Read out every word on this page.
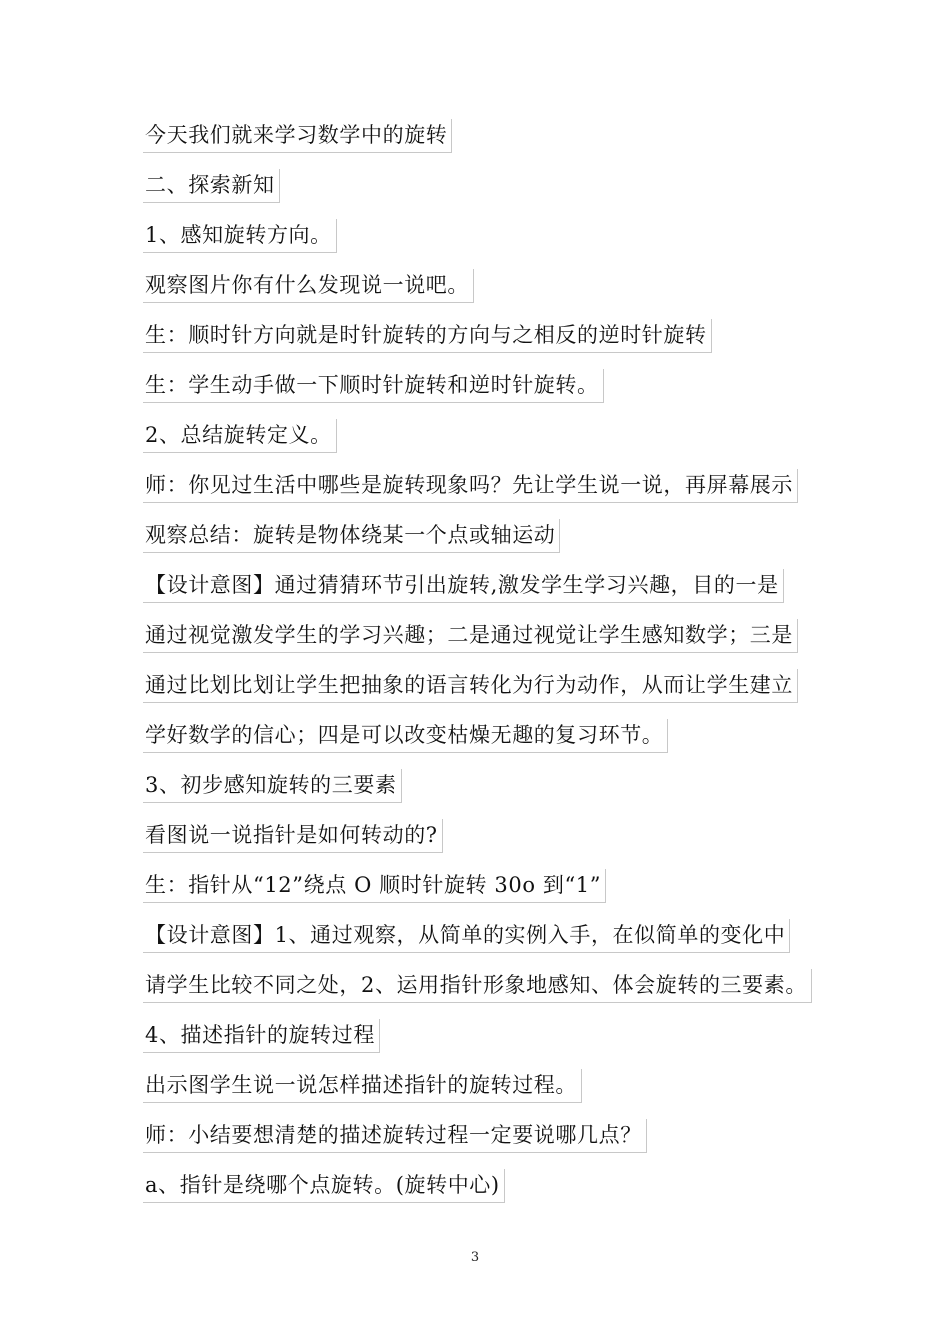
今天我们就来学习数学中的旋转
二、探索新知
1、感知旋转方向。
观察图片你有什么发现说一说吧。
生：顺时针方向就是时针旋转的方向与之相反的逆时针旋转
生：学生动手做一下顺时针旋转和逆时针旋转。
2、总结旋转定义。
师：你见过生活中哪些是旋转现象吗？先让学生说一说，再屏幕展示
观察总结：旋转是物体绕某一个点或轴运动
【设计意图】通过猜猜环节引出旋转,激发学生学习兴趣，目的一是
通过视觉激发学生的学习兴趣；二是通过视觉让学生感知数学；三是
通过比划比划让学生把抽象的语言转化为行为动作，从而让学生建立
学好数学的信心；四是可以改变枯燥无趣的复习环节。
3、初步感知旋转的三要素
看图说一说指针是如何转动的?
生：指针从“12”绕点 O 顺时针旋转 30o 到“1”
【设计意图】1、通过观察，从简单的实例入手，在似简单的变化中
请学生比较不同之处，2、运用指针形象地感知、体会旋转的三要素。
4、描述指针的旋转过程
出示图学生说一说怎样描述指针的旋转过程。
师：小结要想清楚的描述旋转过程一定要说哪几点？
a、指针是绕哪个点旋转。(旋转中心)
3
